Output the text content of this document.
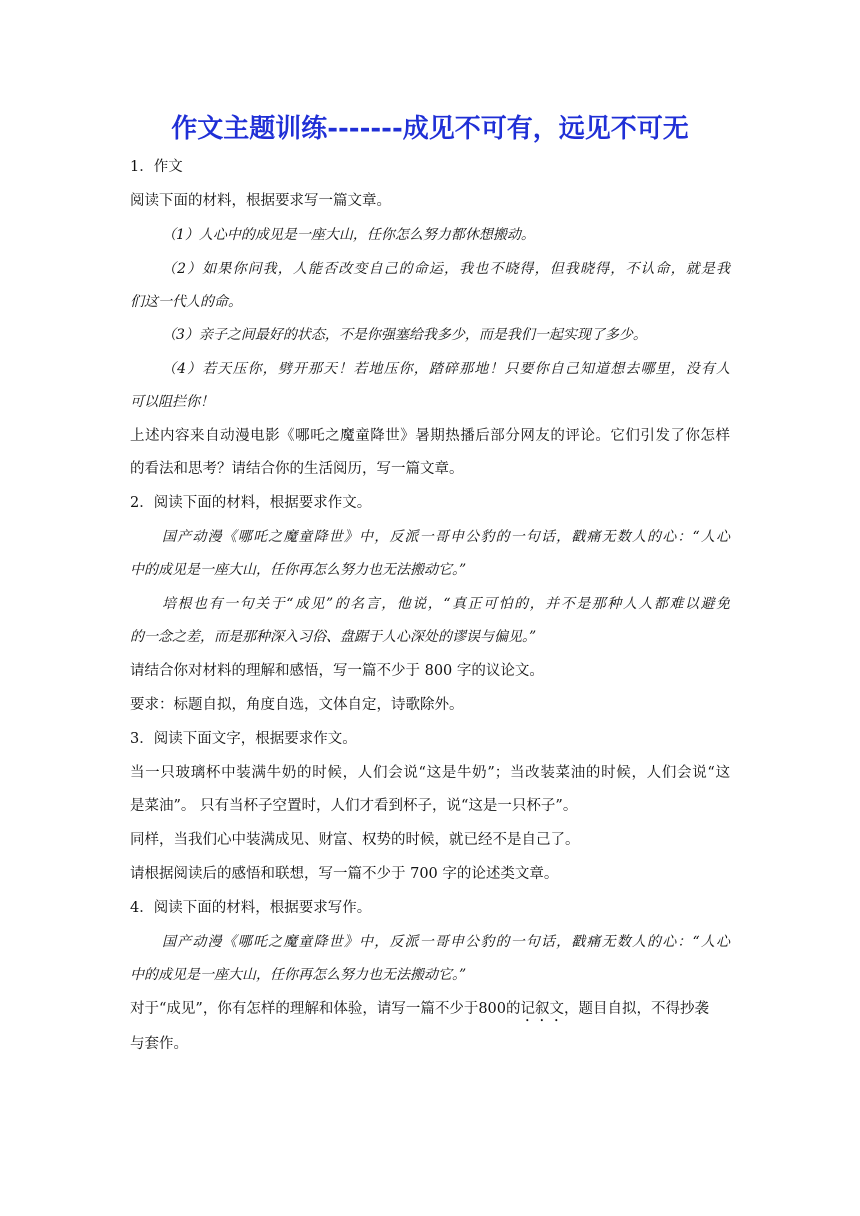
作文主题训练-------成见不可有，远见不可无
1．作文
阅读下面的材料，根据要求写一篇文章。
（1）人心中的成见是一座大山，任你怎么努力都休想搬动。
（2）如果你问我，人能否改变自己的命运，我也不晓得，但我晓得，不认命，就是我
们这一代人的命。
（3）亲子之间最好的状态，不是你强塞给我多少，而是我们一起实现了多少。
（4）若天压你，劈开那天！若地压你，踏碎那地！只要你自己知道想去哪里，没有人
可以阻拦你！
上述内容来自动漫电影《哪吒之魔童降世》暑期热播后部分网友的评论。它们引发了你怎样
的看法和思考？请结合你的生活阅历，写一篇文章。
2．阅读下面的材料，根据要求作文。
国产动漫《哪吒之魔童降世》中，反派一哥申公豹的一句话，戳痛无数人的心：“人心
中的成见是一座大山，任你再怎么努力也无法搬动它。”
培根也有一句关于“成见”的名言，他说，“真正可怕的，并不是那种人人都难以避免
的一念之差，而是那种深入习俗、盘踞于人心深处的谬误与偏见。”
请结合你对材料的理解和感悟，写一篇不少于 800 字的议论文。
要求：标题自拟，角度自选，文体自定，诗歌除外。
3．阅读下面文字，根据要求作文。
当一只玻璃杯中装满牛奶的时候，人们会说“这是牛奶”；当改装菜油的时候，人们会说“这
是菜油”。 只有当杯子空置时，人们才看到杯子，说“这是一只杯子”。
同样，当我们心中装满成见、财富、权势的时候，就已经不是自己了。
请根据阅读后的感悟和联想，写一篇不少于 700 字的论述类文章。
4．阅读下面的材料，根据要求写作。
国产动漫《哪吒之魔童降世》中，反派一哥申公豹的一句话，戳痛无数人的心：“人心
中的成见是一座大山，任你再怎么努力也无法搬动它。”
对于“成见”，你有怎样的理解和体验，请写一篇不少于800的记叙文，题目自拟，不得抄袭
与套作。
